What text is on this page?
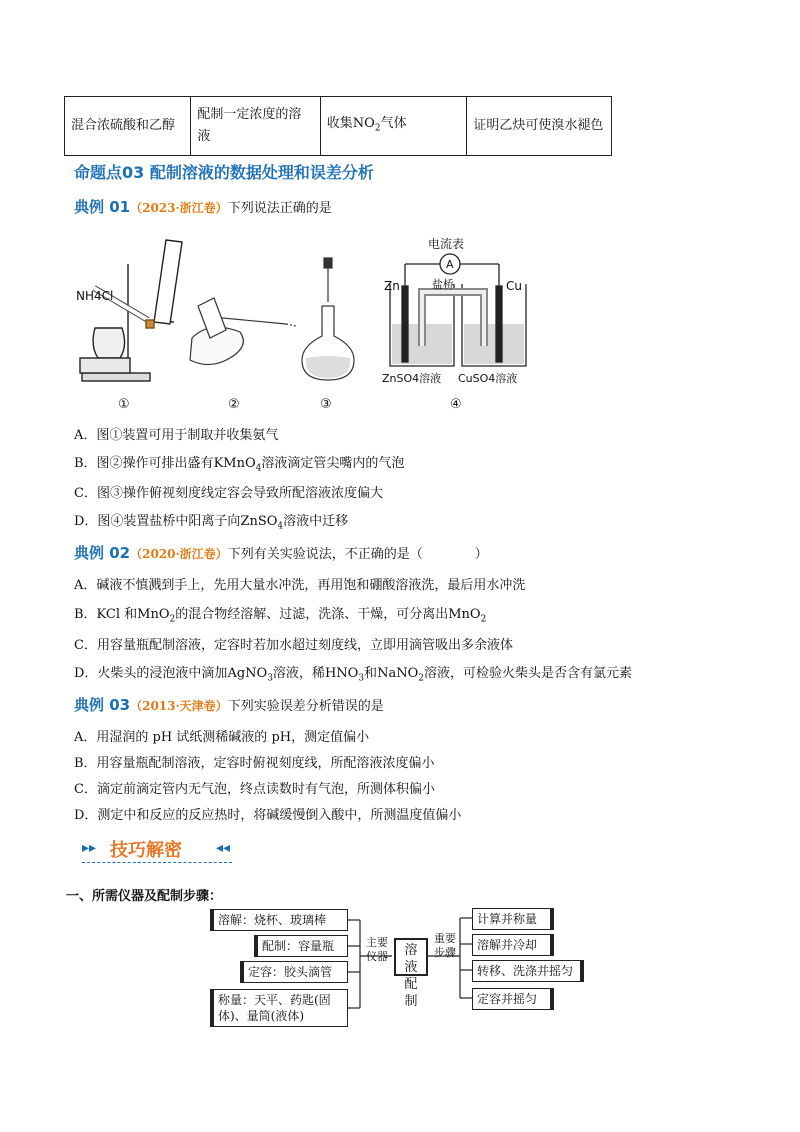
混合浓硫酸和乙醇	配制一定浓度的溶液	收集$NO_2$气体	证明乙炔可使溴水褪色
命题点03 配制溶液的数据处理和误差分析
典例 01（2023·浙江卷）下列说法正确的是
NH4Cl
电流表
A
盐桥
Zn	Cu
ZnSO4溶液 CuSO4溶液
①	②	③	④
A．图①装置可用于制取并收集氨气
B．图②操作可排出盛有KMnO$_4$溶液滴定管尖嘴内的气泡
C．图③操作俯视刻度线定容会导致所配溶液浓度偏大
D．图④装置盐桥中阳离子向ZnSO$_4$溶液中迁移
典例 02（2020·浙江卷）下列有关实验说法，不正确的是（　　　　）
A．碱液不慎溅到手上，先用大量水冲洗，再用饱和硼酸溶液洗，最后用水冲洗
B．KCl 和MnO$_2$的混合物经溶解、过滤，洗涤、干燥，可分离出MnO$_2$
C．用容量瓶配制溶液，定容时若加水超过刻度线，立即用滴管吸出多余液体
D．火柴头的浸泡液中滴加AgNO$_3$溶液，稀$HNO_3$和NaNO$_2$溶液，可检验火柴头是否含有氯元素
典例 03（2013·天津卷）下列实验误差分析错误的是
A．用湿润的 pH 试纸测稀碱液的 pH，测定值偏小
B．用容量瓶配制溶液，定容时俯视刻度线，所配溶液浓度偏小
C．滴定前滴定管内无气泡，终点读数时有气泡，所测体积偏小
D．测定中和反应的反应热时，将碱缓慢倒入酸中，所测温度值偏小
▸▸ 技巧解密 ◂◂
一、所需仪器及配制步骤：
溶解：烧杯、玻璃棒
配制：容量瓶
定容：胶头滴管
称量：天平、药匙(固体)、量筒(液体)
主要仪器	溶液配制
重要步骤
计算并称量
溶解并冷却
转移、洗涤并摇匀
定容并摇匀
